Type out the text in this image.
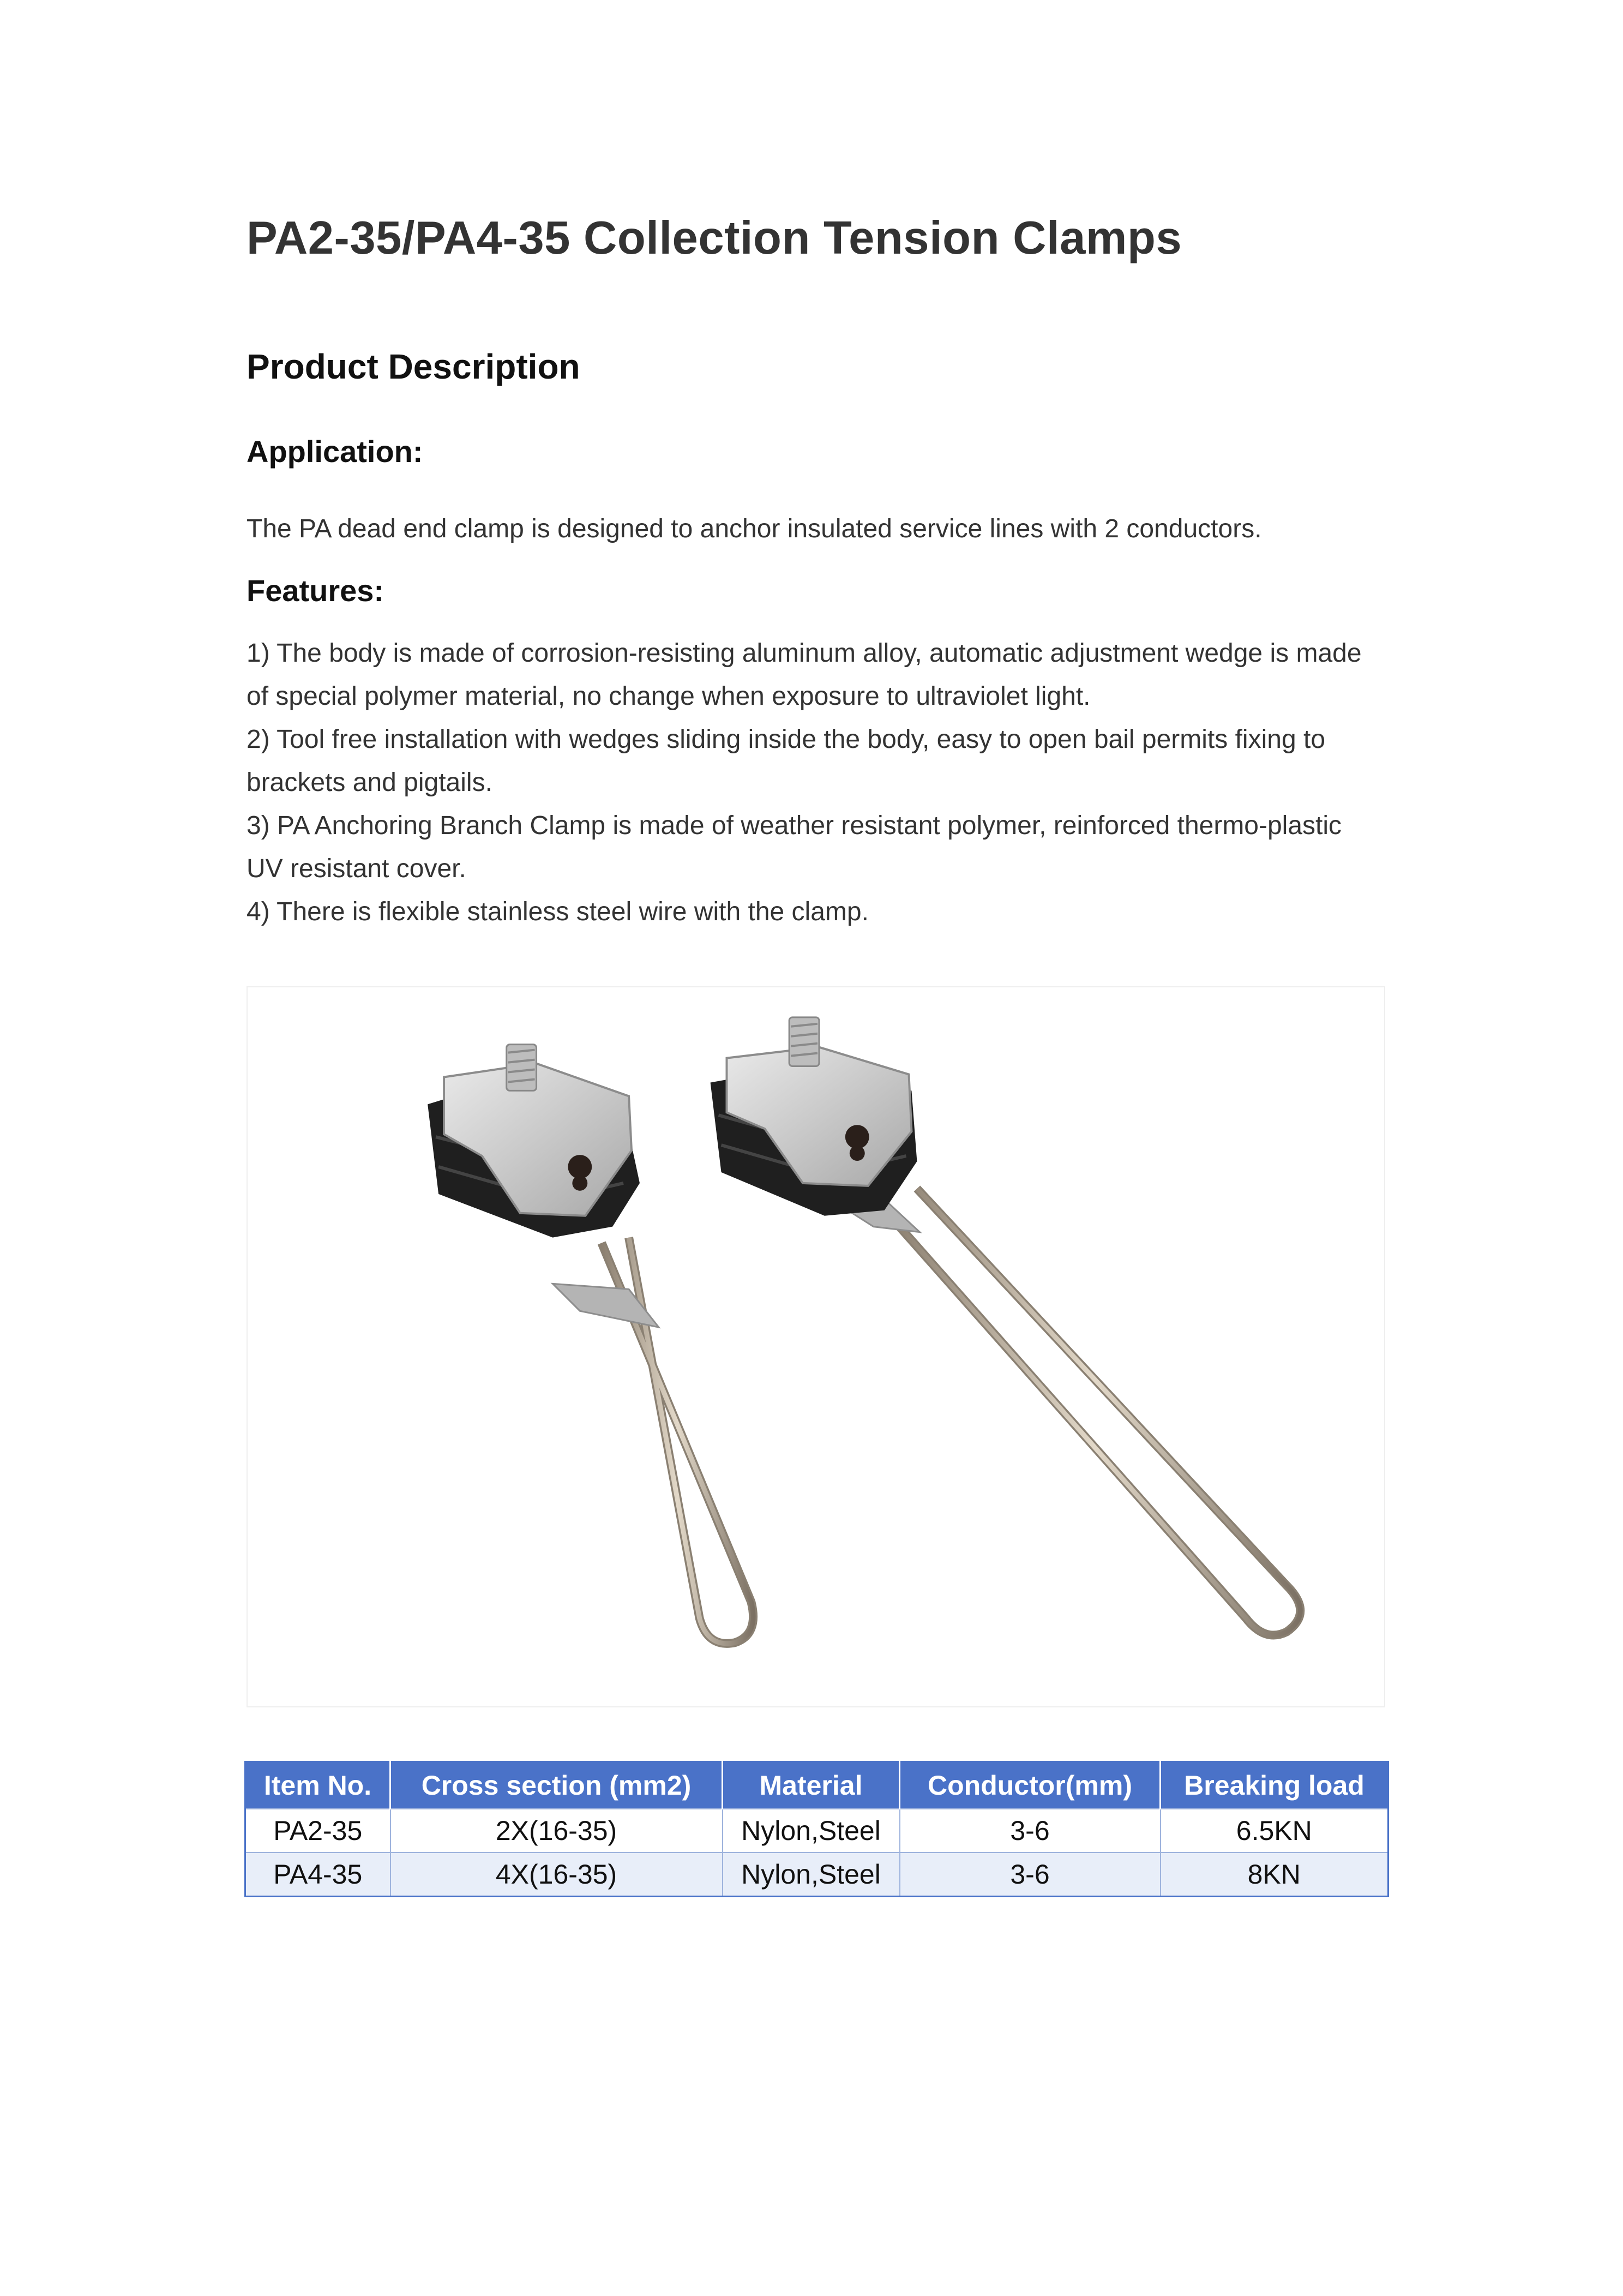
PA2-35/PA4-35 Collection Tension Clamps
Product Description
Application:

The PA dead end clamp is designed to anchor insulated service lines with 2 conductors.

Features:
1) The body is made of corrosion-resisting aluminum alloy, automatic adjustment wedge is made
of special polymer material, no change when exposure to ultraviolet light.
2) Tool free installation with wedges sliding inside the body, easy to open bail permits fixing to
brackets and pigtails.
3) PA Anchoring Branch Clamp is made of weather resistant polymer, reinforced thermo-plastic
UV resistant cover.
4) There is flexible stainless steel wire with the clamp.
Item No.	Cross section (mm2)	Material	Conductor(mm)	Breaking load
PA2-35	2X(16-35)	Nylon,Steel	3-6	6.5KN
PA4-35	4X(16-35)	Nylon,Steel	3-6	8KN
